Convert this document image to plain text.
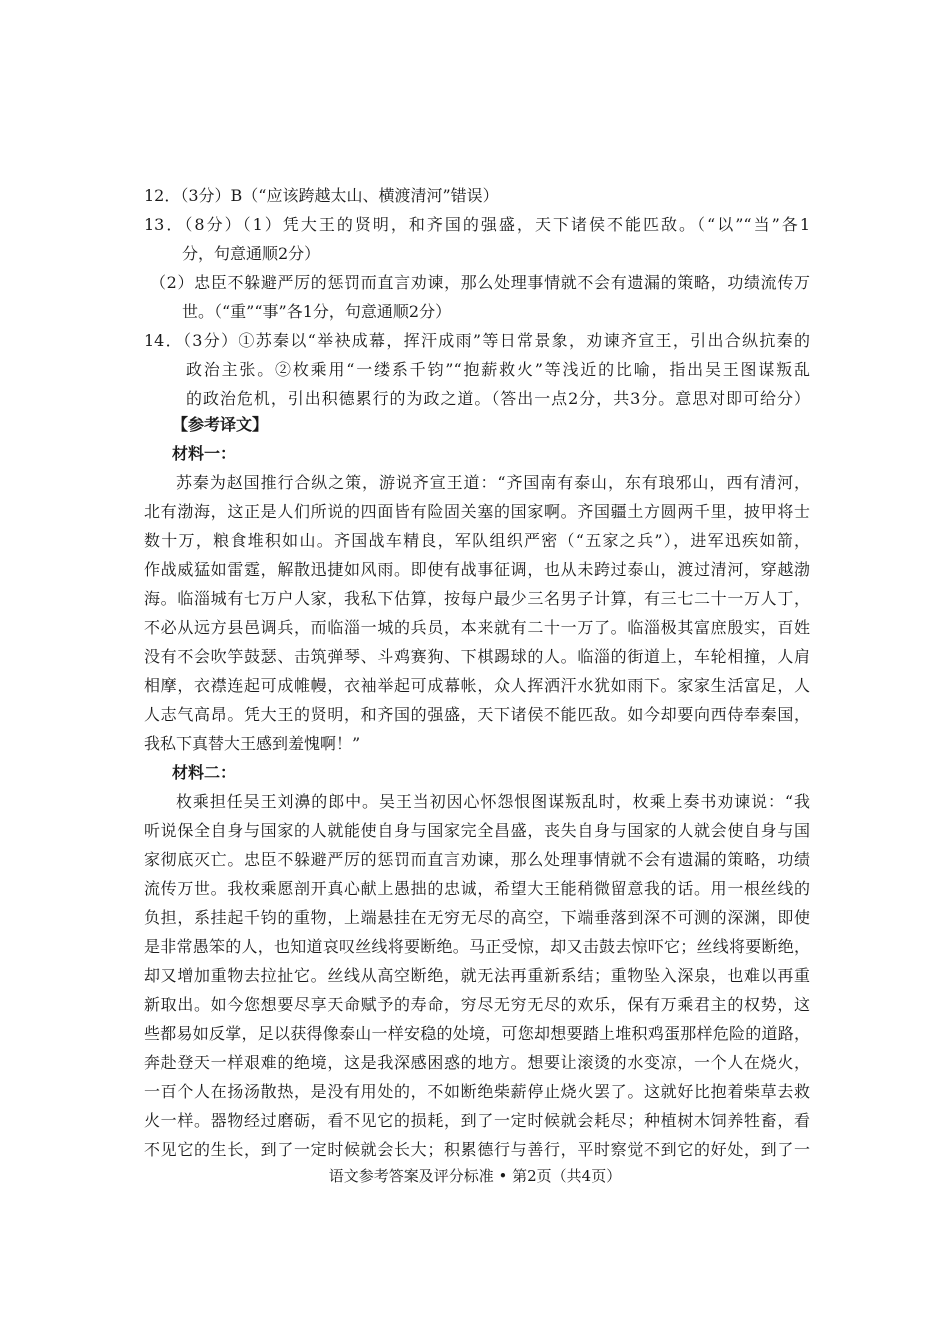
12．（3分）B（“应该跨越太山、横渡清河”错误）
13．（8分）（1）凭大王的贤明，和齐国的强盛，天下诸侯不能匹敌。（“以”“当”各1
分，句意通顺2分）
（2）忠臣不躲避严厉的惩罚而直言劝谏，那么处理事情就不会有遗漏的策略，功绩流传万
世。（“重”“事”各1分，句意通顺2分）
14．（3分）①苏秦以“举袂成幕，挥汗成雨”等日常景象，劝谏齐宣王，引出合纵抗秦的
政治主张。②枚乘用“一缕系千钧”“抱薪救火”等浅近的比喻，指出吴王图谋叛乱
的政治危机，引出积德累行的为政之道。（答出一点2分，共3分。意思对即可给分）
【参考译文】
材料一：
苏秦为赵国推行合纵之策，游说齐宣王道：“齐国南有泰山，东有琅邪山，西有清河，
北有渤海，这正是人们所说的四面皆有险固关塞的国家啊。齐国疆土方圆两千里，披甲将士
数十万，粮食堆积如山。齐国战车精良，军队组织严密（“五家之兵”），进军迅疾如箭，
作战威猛如雷霆，解散迅捷如风雨。即使有战事征调，也从未跨过泰山，渡过清河，穿越渤
海。临淄城有七万户人家，我私下估算，按每户最少三名男子计算，有三七二十一万人丁，
不必从远方县邑调兵，而临淄一城的兵员，本来就有二十一万了。临淄极其富庶殷实，百姓
没有不会吹竽鼓瑟、击筑弹琴、斗鸡赛狗、下棋踢球的人。临淄的街道上，车轮相撞，人肩
相摩，衣襟连起可成帷幔，衣袖举起可成幕帐，众人挥洒汗水犹如雨下。家家生活富足，人
人志气高昂。凭大王的贤明，和齐国的强盛，天下诸侯不能匹敌。如今却要向西侍奉秦国，
我私下真替大王感到羞愧啊！”
材料二：
枚乘担任吴王刘濞的郎中。吴王当初因心怀怨恨图谋叛乱时，枚乘上奏书劝谏说：“我
听说保全自身与国家的人就能使自身与国家完全昌盛，丧失自身与国家的人就会使自身与国
家彻底灭亡。忠臣不躲避严厉的惩罚而直言劝谏，那么处理事情就不会有遗漏的策略，功绩
流传万世。我枚乘愿剖开真心献上愚拙的忠诚，希望大王能稍微留意我的话。用一根丝线的
负担，系挂起千钧的重物，上端悬挂在无穷无尽的高空，下端垂落到深不可测的深渊，即使
是非常愚笨的人，也知道哀叹丝线将要断绝。马正受惊，却又击鼓去惊吓它；丝线将要断绝，
却又增加重物去拉扯它。丝线从高空断绝，就无法再重新系结；重物坠入深泉，也难以再重
新取出。如今您想要尽享天命赋予的寿命，穷尽无穷无尽的欢乐，保有万乘君主的权势，这
些都易如反掌，足以获得像泰山一样安稳的处境，可您却想要踏上堆积鸡蛋那样危险的道路，
奔赴登天一样艰难的绝境，这是我深感困惑的地方。想要让滚烫的水变凉，一个人在烧火，
一百个人在扬汤散热，是没有用处的，不如断绝柴薪停止烧火罢了。这就好比抱着柴草去救
火一样。器物经过磨砺，看不见它的损耗，到了一定时候就会耗尽；种植树木饲养牲畜，看
不见它的生长，到了一定时候就会长大；积累德行与善行，平时察觉不到它的好处，到了一
语文参考答案及评分标准 • 第2页（共4页）
